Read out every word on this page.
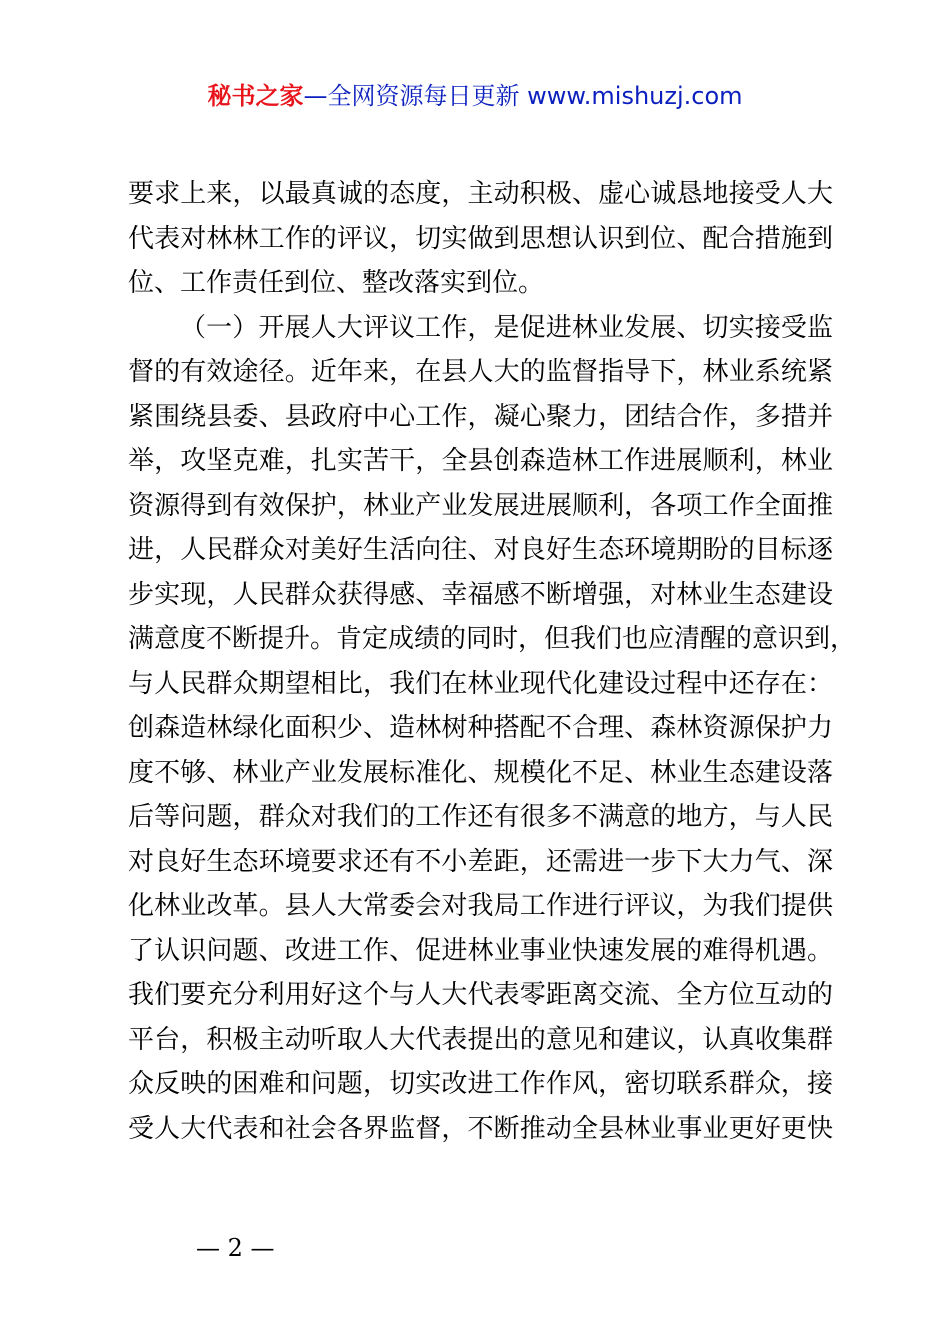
秘书之家—全网资源每日更新 www.mishuzj.com
要求上来，以最真诚的态度，主动积极、虚心诚恳地接受人大
代表对林林工作的评议，切实做到思想认识到位、配合措施到
位、工作责任到位、整改落实到位。
（一）开展人大评议工作，是促进林业发展、切实接受监
督的有效途径。近年来，在县人大的监督指导下，林业系统紧
紧围绕县委、县政府中心工作，凝心聚力，团结合作，多措并
举，攻坚克难，扎实苦干，全县创森造林工作进展顺利，林业
资源得到有效保护，林业产业发展进展顺利，各项工作全面推
进，人民群众对美好生活向往、对良好生态环境期盼的目标逐
步实现，人民群众获得感、幸福感不断增强，对林业生态建设
满意度不断提升。肯定成绩的同时，但我们也应清醒的意识到，
与人民群众期望相比，我们在林业现代化建设过程中还存在：
创森造林绿化面积少、造林树种搭配不合理、森林资源保护力
度不够、林业产业发展标准化、规模化不足、林业生态建设落
后等问题，群众对我们的工作还有很多不满意的地方，与人民
对良好生态环境要求还有不小差距，还需进一步下大力气、深
化林业改革。县人大常委会对我局工作进行评议，为我们提供
了认识问题、改进工作、促进林业事业快速发展的难得机遇。
我们要充分利用好这个与人大代表零距离交流、全方位互动的
平台，积极主动听取人大代表提出的意见和建议，认真收集群
众反映的困难和问题，切实改进工作作风，密切联系群众，接
受人大代表和社会各界监督，不断推动全县林业事业更好更快
— 2 —
